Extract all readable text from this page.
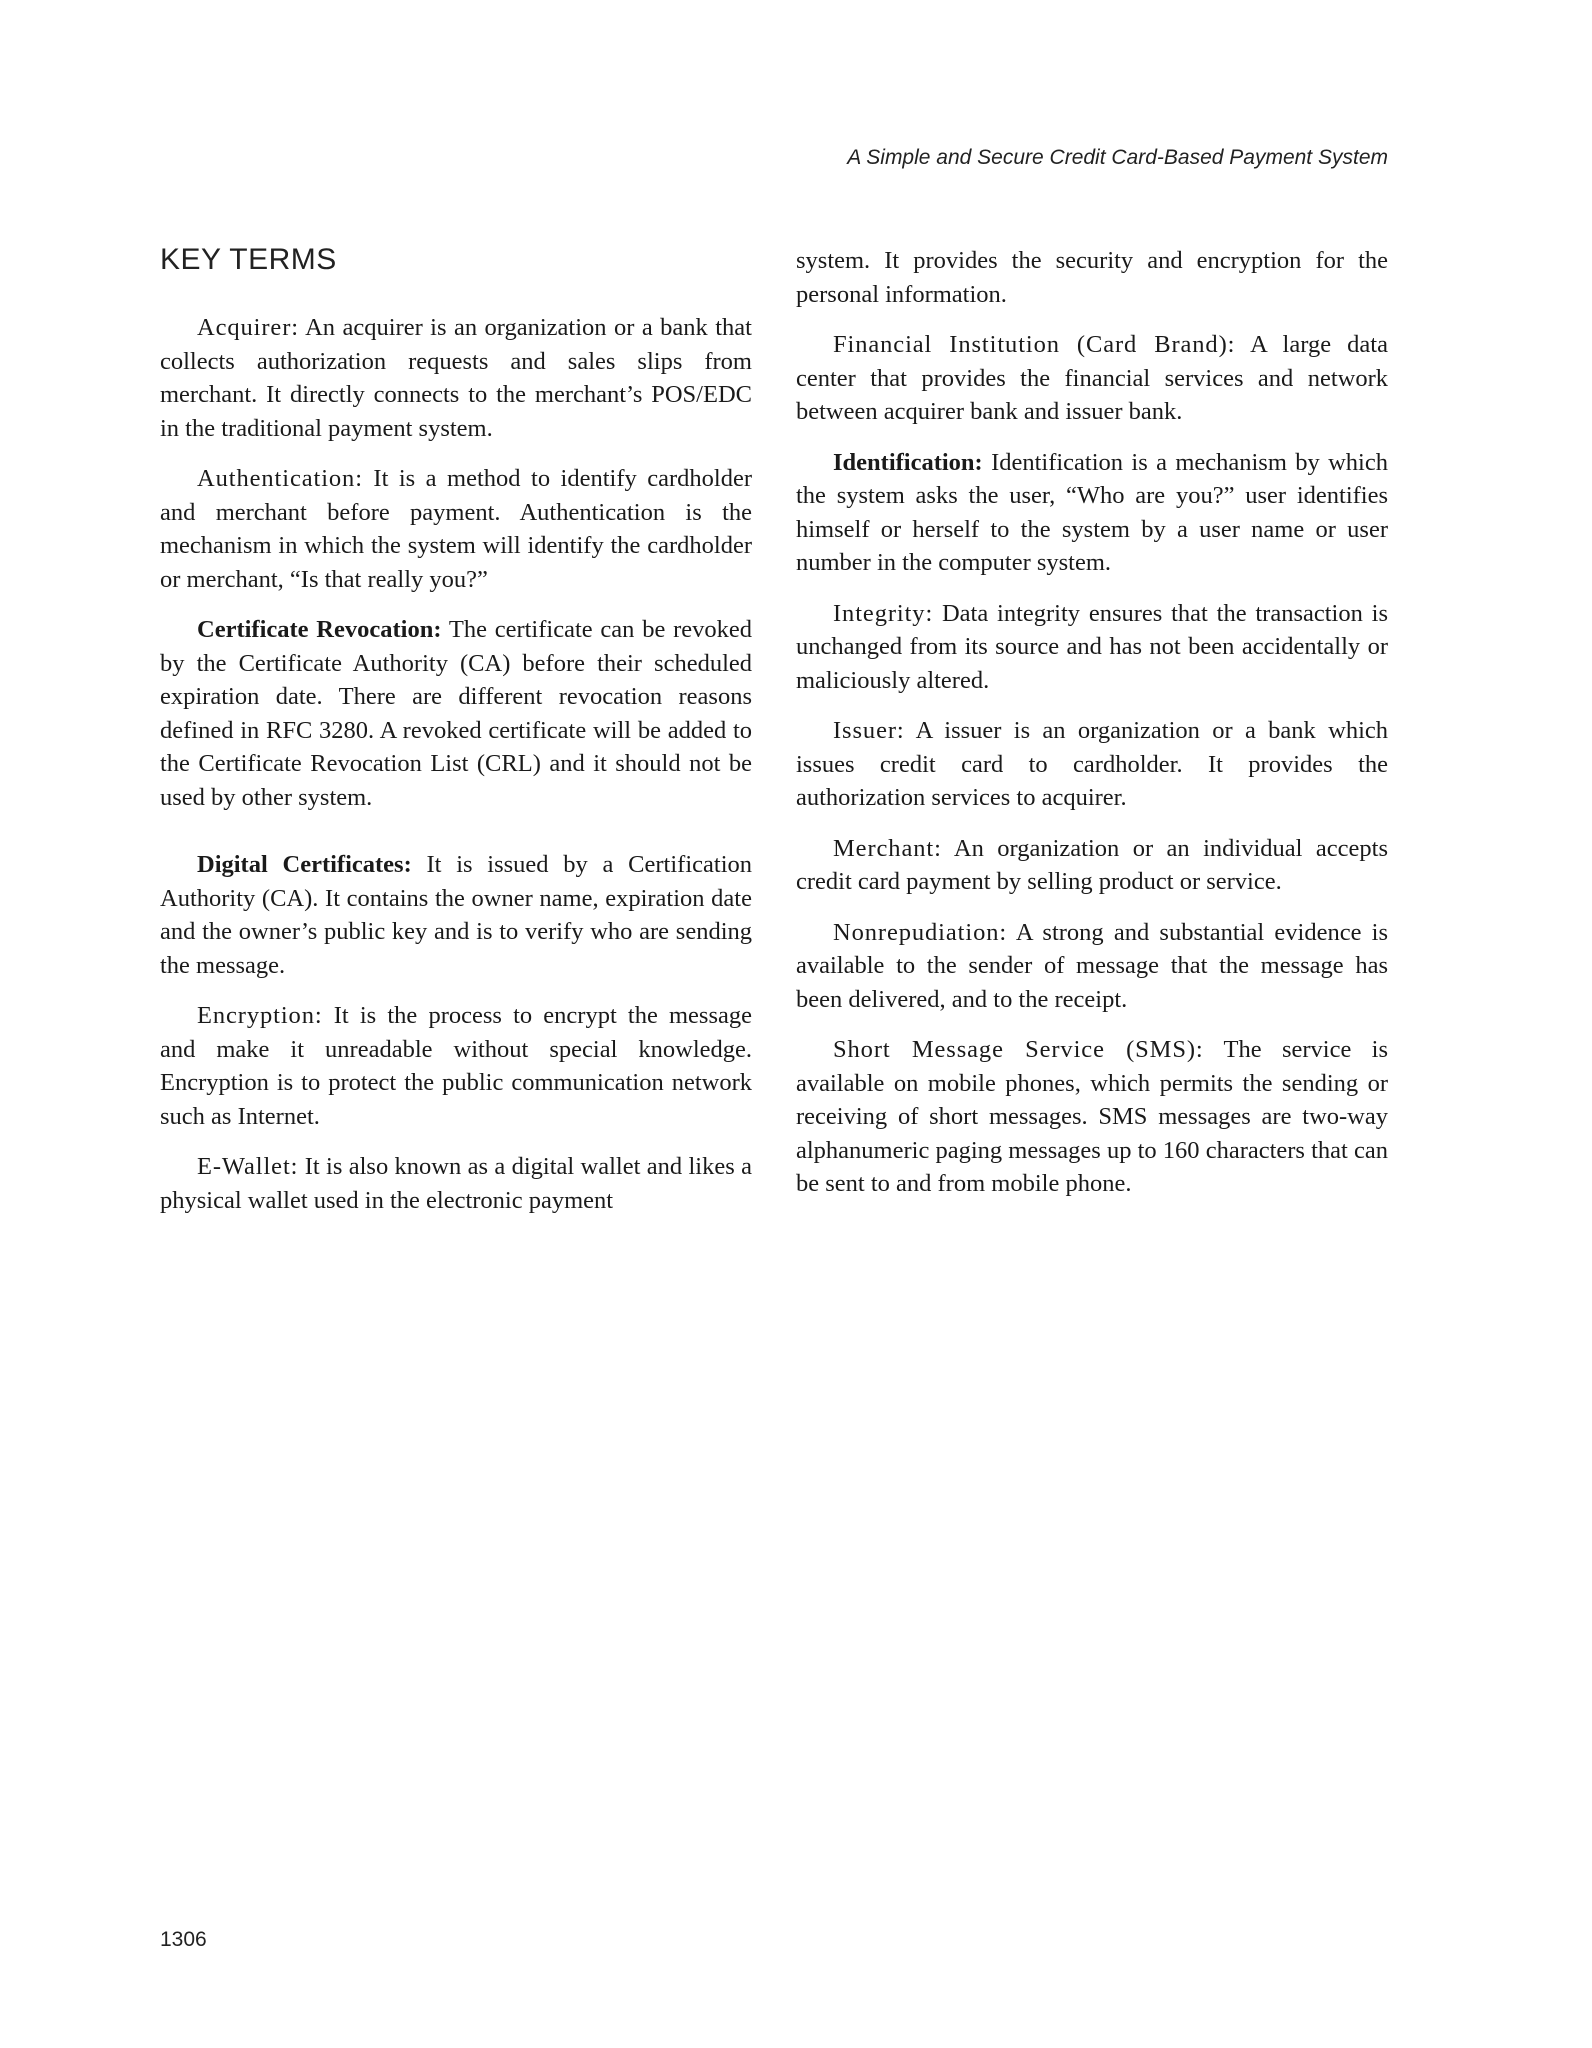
A Simple and Secure Credit Card-Based Payment System
KEY TERMS

Acquirer: An acquirer is an organization or a bank that collects authorization requests and sales slips from merchant. It directly connects to the merchant’s POS/EDC in the traditional payment system.

Authentication: It is a method to identify cardholder and merchant before payment. Authentication is the mechanism in which the system will identify the cardholder or merchant, “Is that really you?”

Certificate Revocation: The certificate can be revoked by the Certificate Authority (CA) before their scheduled expiration date. There are different revocation reasons defined in RFC 3280. A revoked certificate will be added to the Certificate Revocation List (CRL) and it should not be used by other system.

Digital Certificates: It is issued by a Certification Authority (CA). It contains the owner name, expiration date and the owner’s public key and is to verify who are sending the message.

Encryption: It is the process to encrypt the message and make it unreadable without special knowledge. Encryption is to protect the public communication network such as Internet.

E-Wallet: It is also known as a digital wallet and likes a physical wallet used in the electronic payment

system. It provides the security and encryption for the personal information.

Financial Institution (Card Brand): A large data center that provides the financial services and network between acquirer bank and issuer bank.

Identification: Identification is a mechanism by which the system asks the user, “Who are you?” user identifies himself or herself to the system by a user name or user number in the computer system.

Integrity: Data integrity ensures that the transaction is unchanged from its source and has not been accidentally or maliciously altered.

Issuer: A issuer is an organization or a bank which issues credit card to cardholder. It provides the authorization services to acquirer.

Merchant: An organization or an individual accepts credit card payment by selling product or service.

Nonrepudiation: A strong and substantial evidence is available to the sender of message that the message has been delivered, and to the receipt.

Short Message Service (SMS): The service is available on mobile phones, which permits the sending or receiving of short messages. SMS messages are two-way alphanumeric paging messages up to 160 characters that can be sent to and from mobile phone.

1306
